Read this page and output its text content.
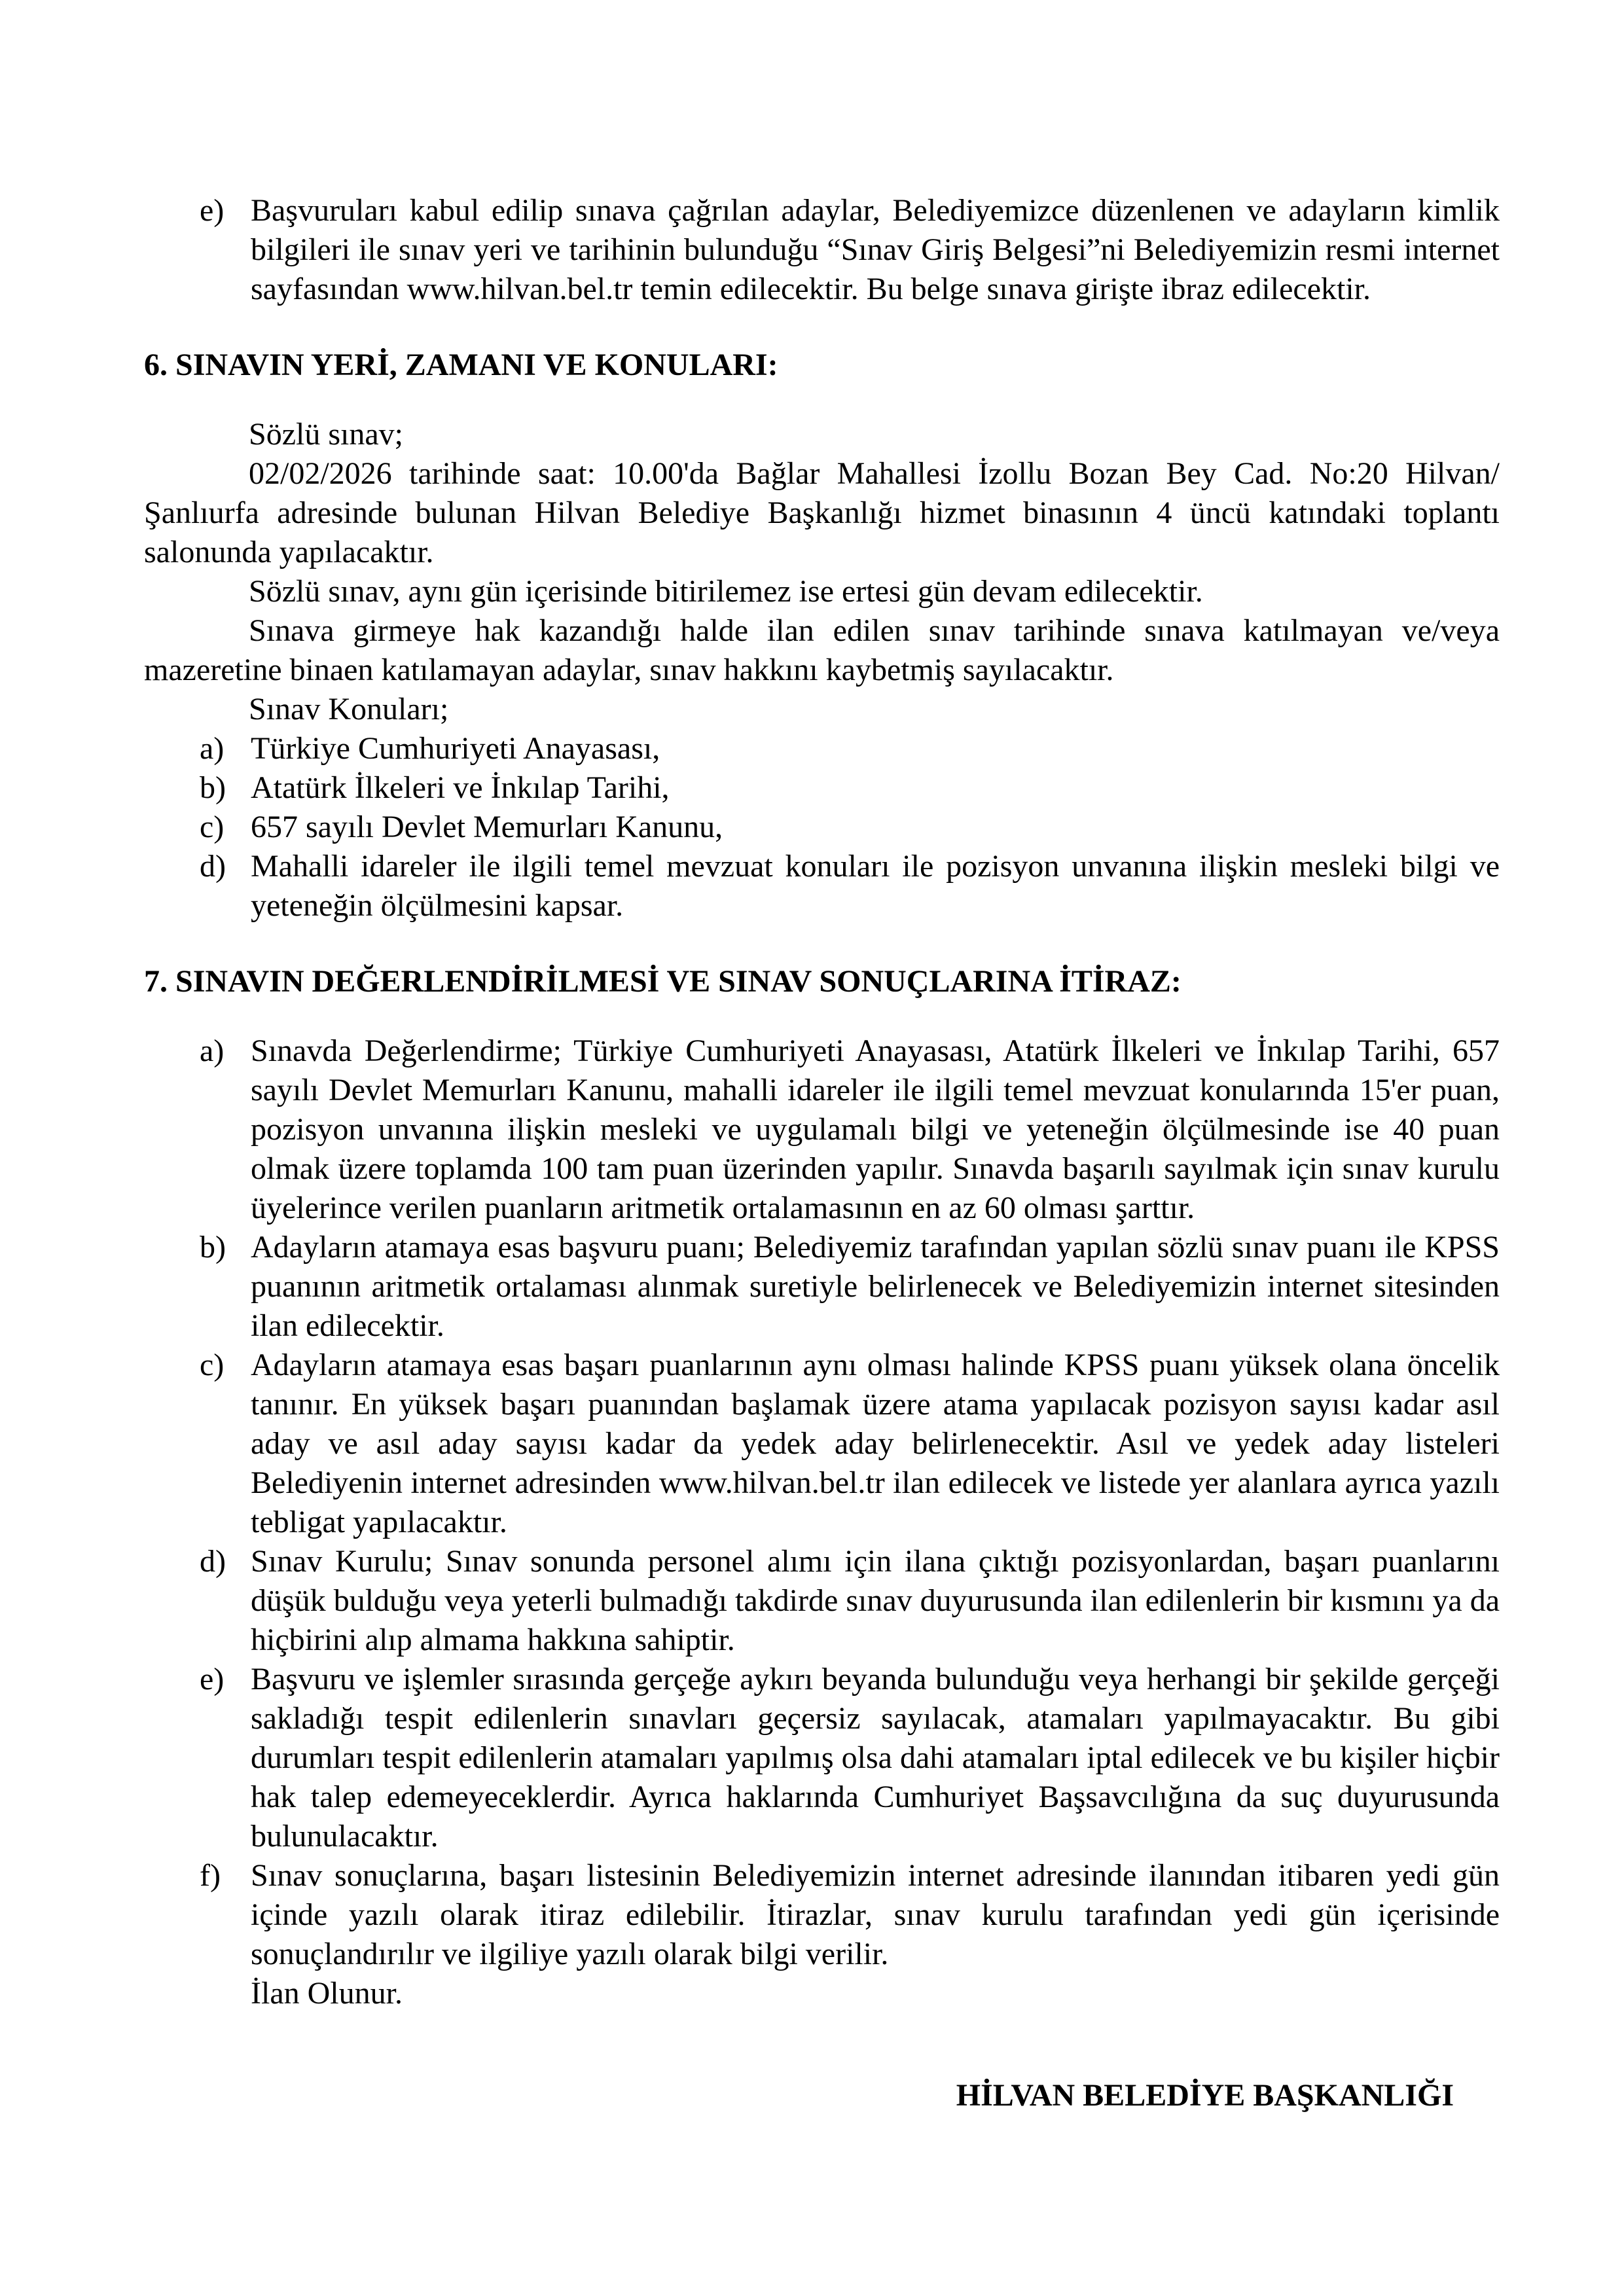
e) Başvuruları kabul edilip sınava çağrılan adaylar, Belediyemizce düzenlenen ve adayların kimlik bilgileri ile sınav yeri ve tarihinin bulunduğu “Sınav Giriş Belgesi”ni Belediyemizin resmi internet sayfasından www.hilvan.bel.tr temin edilecektir. Bu belge sınava girişte ibraz edilecektir.
6. SINAVIN YERİ, ZAMANI VE KONULARI:

Sözlü sınav;

02/02/2026 tarihinde saat: 10.00'da Bağlar Mahallesi İzollu Bozan Bey Cad. No:20 Hilvan/Şanlıurfa adresinde bulunan Hilvan Belediye Başkanlığı hizmet binasının 4 üncü katındaki toplantı salonunda yapılacaktır.

Sözlü sınav, aynı gün içerisinde bitirilemez ise ertesi gün devam edilecektir.

Sınava girmeye hak kazandığı halde ilan edilen sınav tarihinde sınava katılmayan ve/veya mazeretine binaen katılamayan adaylar, sınav hakkını kaybetmiş sayılacaktır.

Sınav Konuları;

a) Türkiye Cumhuriyeti Anayasası,
b) Atatürk İlkeleri ve İnkılap Tarihi,
c) 657 sayılı Devlet Memurları Kanunu,
d) Mahalli idareler ile ilgili temel mevzuat konuları ile pozisyon unvanına ilişkin mesleki bilgi ve yeteneğin ölçülmesini kapsar.
7. SINAVIN DEĞERLENDİRİLMESİ VE SINAV SONUÇLARINA İTİRAZ:
a) Sınavda Değerlendirme; Türkiye Cumhuriyeti Anayasası, Atatürk İlkeleri ve İnkılap Tarihi, 657 sayılı Devlet Memurları Kanunu, mahalli idareler ile ilgili temel mevzuat konularında 15'er puan, pozisyon unvanına ilişkin mesleki ve uygulamalı bilgi ve yeteneğin ölçülmesinde ise 40 puan olmak üzere toplamda 100 tam puan üzerinden yapılır. Sınavda başarılı sayılmak için sınav kurulu üyelerince verilen puanların aritmetik ortalamasının en az 60 olması şarttır.
b) Adayların atamaya esas başvuru puanı; Belediyemiz tarafından yapılan sözlü sınav puanı ile KPSS puanının aritmetik ortalaması alınmak suretiyle belirlenecek ve Belediyemizin internet sitesinden ilan edilecektir.
c) Adayların atamaya esas başarı puanlarının aynı olması halinde KPSS puanı yüksek olana öncelik tanınır. En yüksek başarı puanından başlamak üzere atama yapılacak pozisyon sayısı kadar asıl aday ve asıl aday sayısı kadar da yedek aday belirlenecektir. Asıl ve yedek aday listeleri Belediyenin internet adresinden www.hilvan.bel.tr ilan edilecek ve listede yer alanlara ayrıca yazılı tebligat yapılacaktır.
d) Sınav Kurulu; Sınav sonunda personel alımı için ilana çıktığı pozisyonlardan, başarı puanlarını düşük bulduğu veya yeterli bulmadığı takdirde sınav duyurusunda ilan edilenlerin bir kısmını ya da hiçbirini alıp almama hakkına sahiptir.
e) Başvuru ve işlemler sırasında gerçeğe aykırı beyanda bulunduğu veya herhangi bir şekilde gerçeği sakladığı tespit edilenlerin sınavları geçersiz sayılacak, atamaları yapılmayacaktır. Bu gibi durumları tespit edilenlerin atamaları yapılmış olsa dahi atamaları iptal edilecek ve bu kişiler hiçbir hak talep edemeyeceklerdir. Ayrıca haklarında Cumhuriyet Başsavcılığına da suç duyurusunda bulunulacaktır.
f) Sınav sonuçlarına, başarı listesinin Belediyemizin internet adresinde ilanından itibaren yedi gün içinde yazılı olarak itiraz edilebilir. İtirazlar, sınav kurulu tarafından yedi gün içerisinde sonuçlandırılır ve ilgiliye yazılı olarak bilgi verilir.
İlan Olunur.
HİLVAN BELEDİYE BAŞKANLIĞI
